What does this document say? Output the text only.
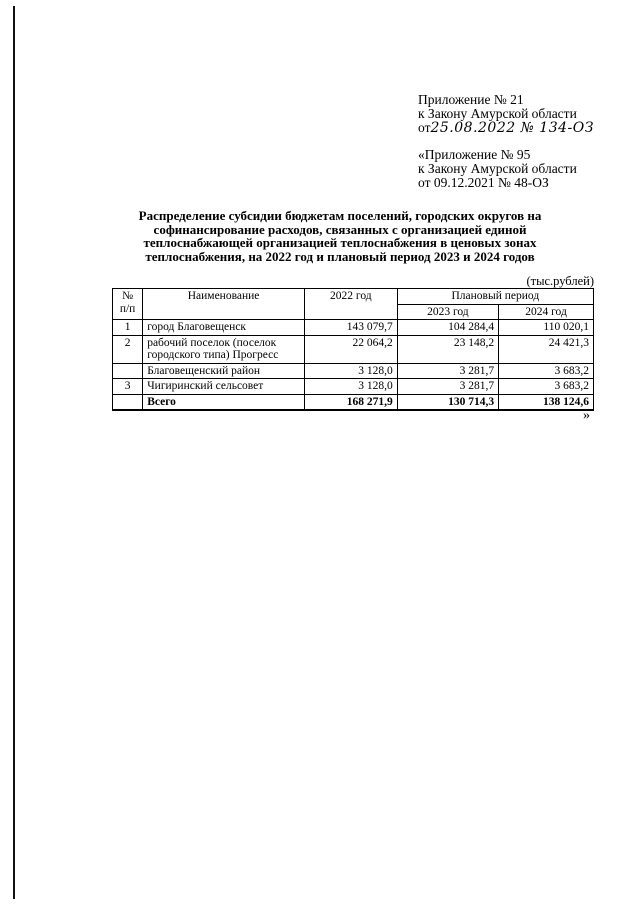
Приложение № 21
к Закону Амурской области
от25.08.2022 № 134-ОЗ
«Приложение № 95
к Закону Амурской области
от 09.12.2021 № 48-ОЗ
Распределение субсидии бюджетам поселений, городских округов на
софинансирование расходов, связанных с организацией единой
теплоснабжающей организацией теплоснабжения в ценовых зонах
теплоснабжения, на 2022 год и плановый период 2023 и 2024 годов
(тыс.рублей)
№ п/п	Наименование	2022 год	Плановый период	
			2023 год	2024 год
1	город Благовещенск	143 079,7	104 284,4	110 020,1
2	рабочий поселок (поселок городского типа) Прогресс	22 064,2	23 148,2	24 421,3
	Благовещенский район	3 128,0	3 281,7	3 683,2
3	Чигиринский сельсовет	3 128,0	3 281,7	3 683,2
	Всего	168 271,9	130 714,3	138 124,6
»
